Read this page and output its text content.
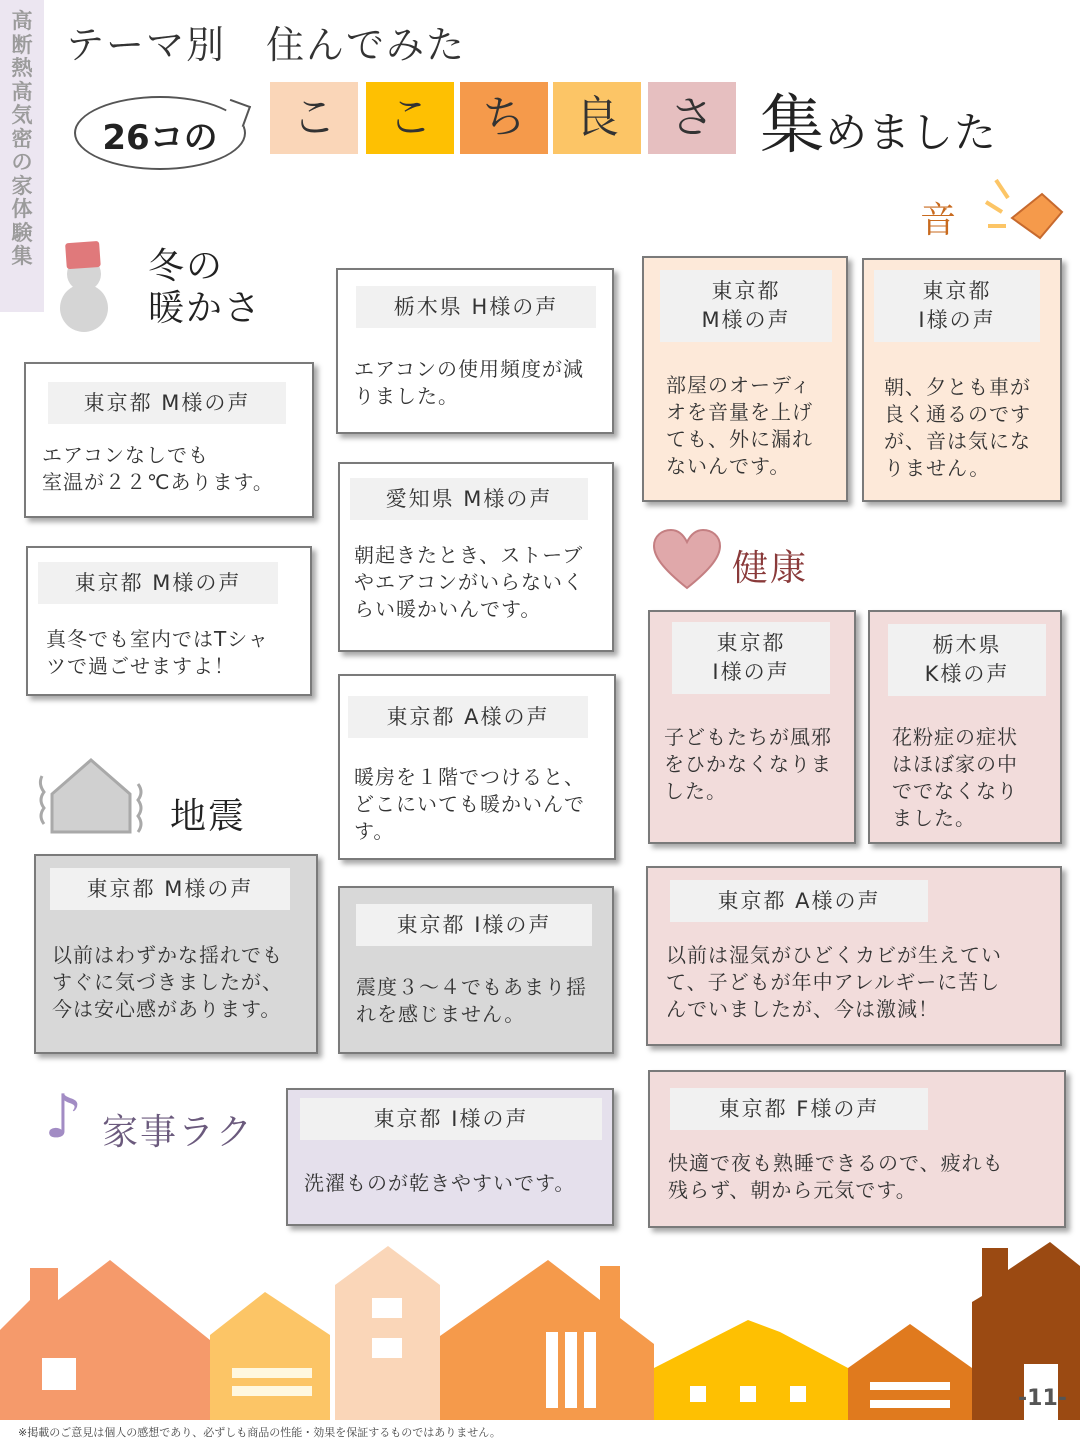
高断熱高気密の家 体験集
テーマ別　住んでみた
26コの	こ	こ	ち	良	さ 集めました
冬の
暖かさ
音
健康
地震
♪ 家事ラク
東京都 M様の声
エアコンなしでも
室温が２２℃あります。
東京都 M様の声
真冬でも室内ではTシャ
ツで過ごせますよ！
栃木県 H様の声
エアコンの使用頻度が減
りました。
愛知県 M様の声
朝起きたとき、ストーブ
やエアコンがいらないく
らい暖かいんです。
東京都 A様の声
暖房を１階でつけると、
どこにいても暖かいんで
す。
東京都
M様の声
部屋のオーディ
オを音量を上げ
ても、外に漏れ
ないんです。
東京都
I様の声
朝、夕とも車が
良く通るのです
が、音は気にな
りません。
東京都
I様の声
子どもたちが風邪
をひかなくなりま
した。
栃木県
K様の声
花粉症の症状
はほぼ家の中
ででなくなり
ました。
東京都 A様の声
以前は湿気がひどくカビが生えてい
て、子どもが年中アレルギーに苦し
んでいましたが、今は激減！
東京都 F様の声
快適で夜も熟睡できるので、疲れも
残らず、朝から元気です。
東京都 M様の声
以前はわずかな揺れでも
すぐに気づきましたが、
今は安心感があります。
東京都 I様の声
震度３～４でもあまり揺
れを感じません。
東京都 I様の声
洗濯ものが乾きやすいです。
-11-
※掲載のご意見は個人の感想であり、必ずしも商品の性能・効果を保証するものではありません。
